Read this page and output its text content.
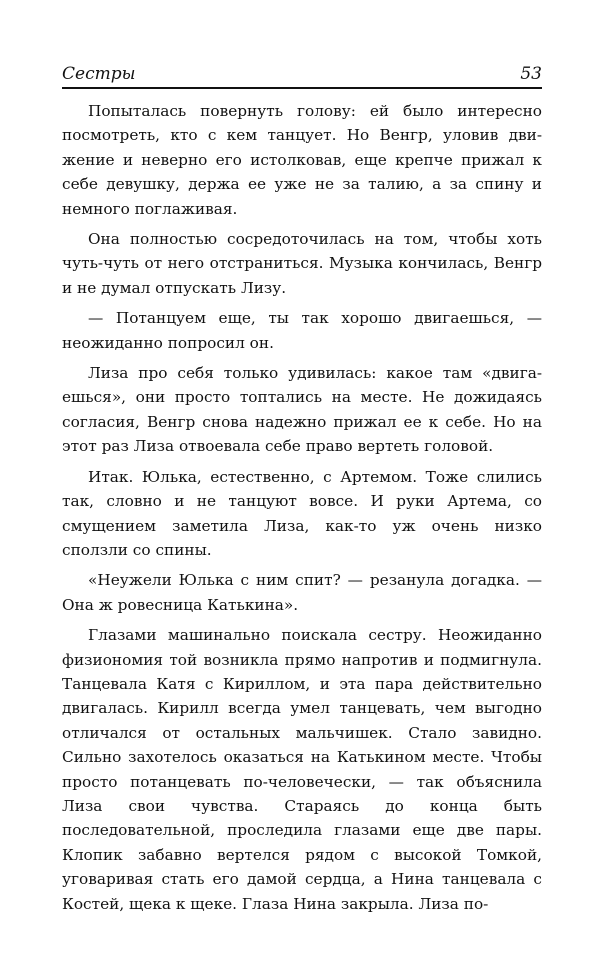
Сестры	53

Попыталась повернуть голову: ей было интересно посмотреть, кто с кем танцует. Но Венгр, уловив движение и неверно его истолковав, еще крепче прижал к себе девушку, держа ее уже не за талию, а за спину и немного поглаживая.

Она полностью сосредоточилась на том, чтобы хоть чуть-чуть от него отстраниться. Музыка кончилась, Венгр и не думал отпускать Лизу.

— Потанцуем еще, ты так хорошо двигаешься, — неожиданно попросил он.

Лиза про себя только удивилась: какое там «двигаешься», они просто топтались на месте. Не дожидаясь согласия, Венгр снова надежно прижал ее к себе. Но на этот раз Лиза отвоевала себе право вертеть головой.

Итак. Юлька, естественно, с Артемом. Тоже слились так, словно и не танцуют вовсе. И руки Артема, со смущением заметила Лиза, как-то уж очень низко сползли со спины.

«Неужели Юлька с ним спит? — резанула догадка. — Она ж ровесница Катькина».

Глазами машинально поискала сестру. Неожиданно физиономия той возникла прямо напротив и подмигнула. Танцевала Катя с Кириллом, и эта пара действительно двигалась. Кирилл всегда умел танцевать, чем выгодно отличался от остальных мальчишек. Стало завидно. Сильно захотелось оказаться на Катькином месте. Чтобы просто потанцевать по-человечески, — так объяснила Лиза свои чувства. Стараясь до конца быть последовательной, проследила глазами еще две пары. Клопик забавно вертелся рядом с высокой Томкой, уговаривая стать его дамой сердца, а Нина танцевала с Костей, щека к щеке. Глаза Нина закрыла. Лиза по-
